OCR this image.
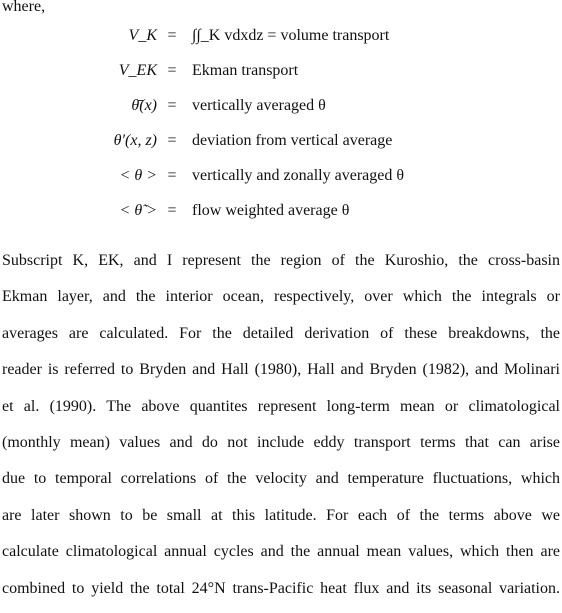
where,
V_K = ∫∫_K vdxdz = volume transport
V_EK = Ekman transport
θ̄(x) = vertically averaged θ
θ′(x, z) = deviation from vertical average
< θ > = vertically and zonally averaged θ
< θ̃ > = flow weighted average θ
Subscript K, EK, and I represent the region of the Kuroshio, the cross-basin
Ekman layer, and the interior ocean, respectively, over which the integrals or
averages are calculated. For the detailed derivation of these breakdowns, the
reader is referred to Bryden and Hall (1980), Hall and Bryden (1982), and Molinari
et al. (1990). The above quantites represent long-term mean or climatological
(monthly mean) values and do not include eddy transport terms that can arise
due to temporal correlations of the velocity and temperature fluctuations, which
are later shown to be small at this latitude. For each of the terms above we
calculate climatological annual cycles and the annual mean values, which then are
combined to yield the total 24°N trans-Pacific heat flux and its seasonal variation.
